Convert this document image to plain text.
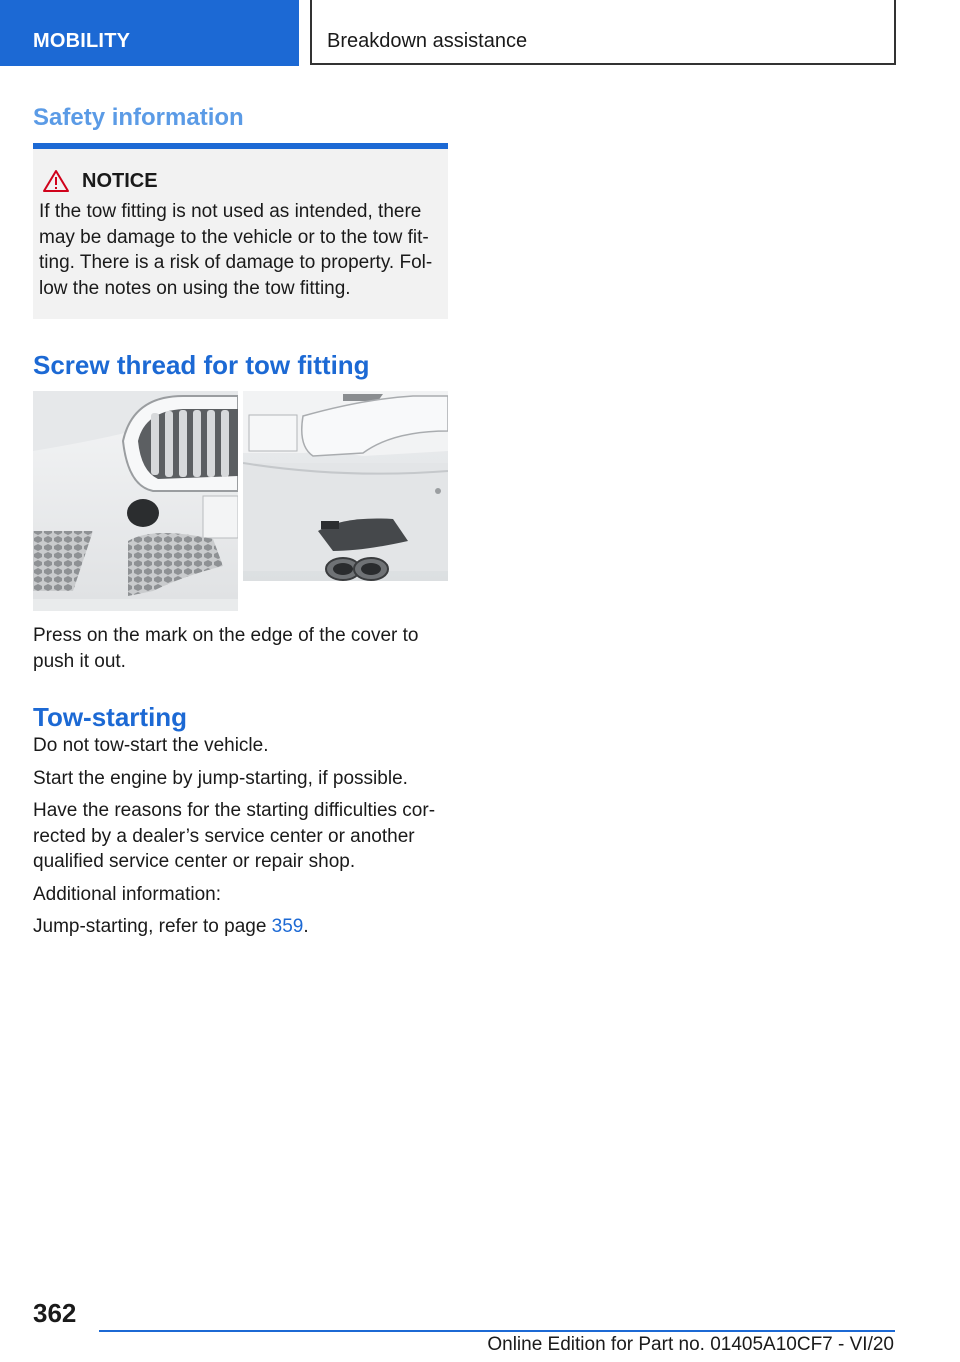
MOBILITY	Breakdown assistance
Safety information
NOTICE
If the tow fitting is not used as intended, there may be damage to the vehicle or to the tow fitting. There is a risk of damage to property. Follow the notes on using the tow fitting.
Screw thread for tow fitting

Press on the mark on the edge of the cover to push it out.

Tow-starting

Do not tow-start the vehicle.

Start the engine by jump-starting, if possible.

Have the reasons for the starting difficulties corrected by a dealer’s service center or another qualified service center or repair shop.

Additional information:

Jump-starting, refer to page 359.

362
Online Edition for Part no. 01405A10CF7 - VI/20
